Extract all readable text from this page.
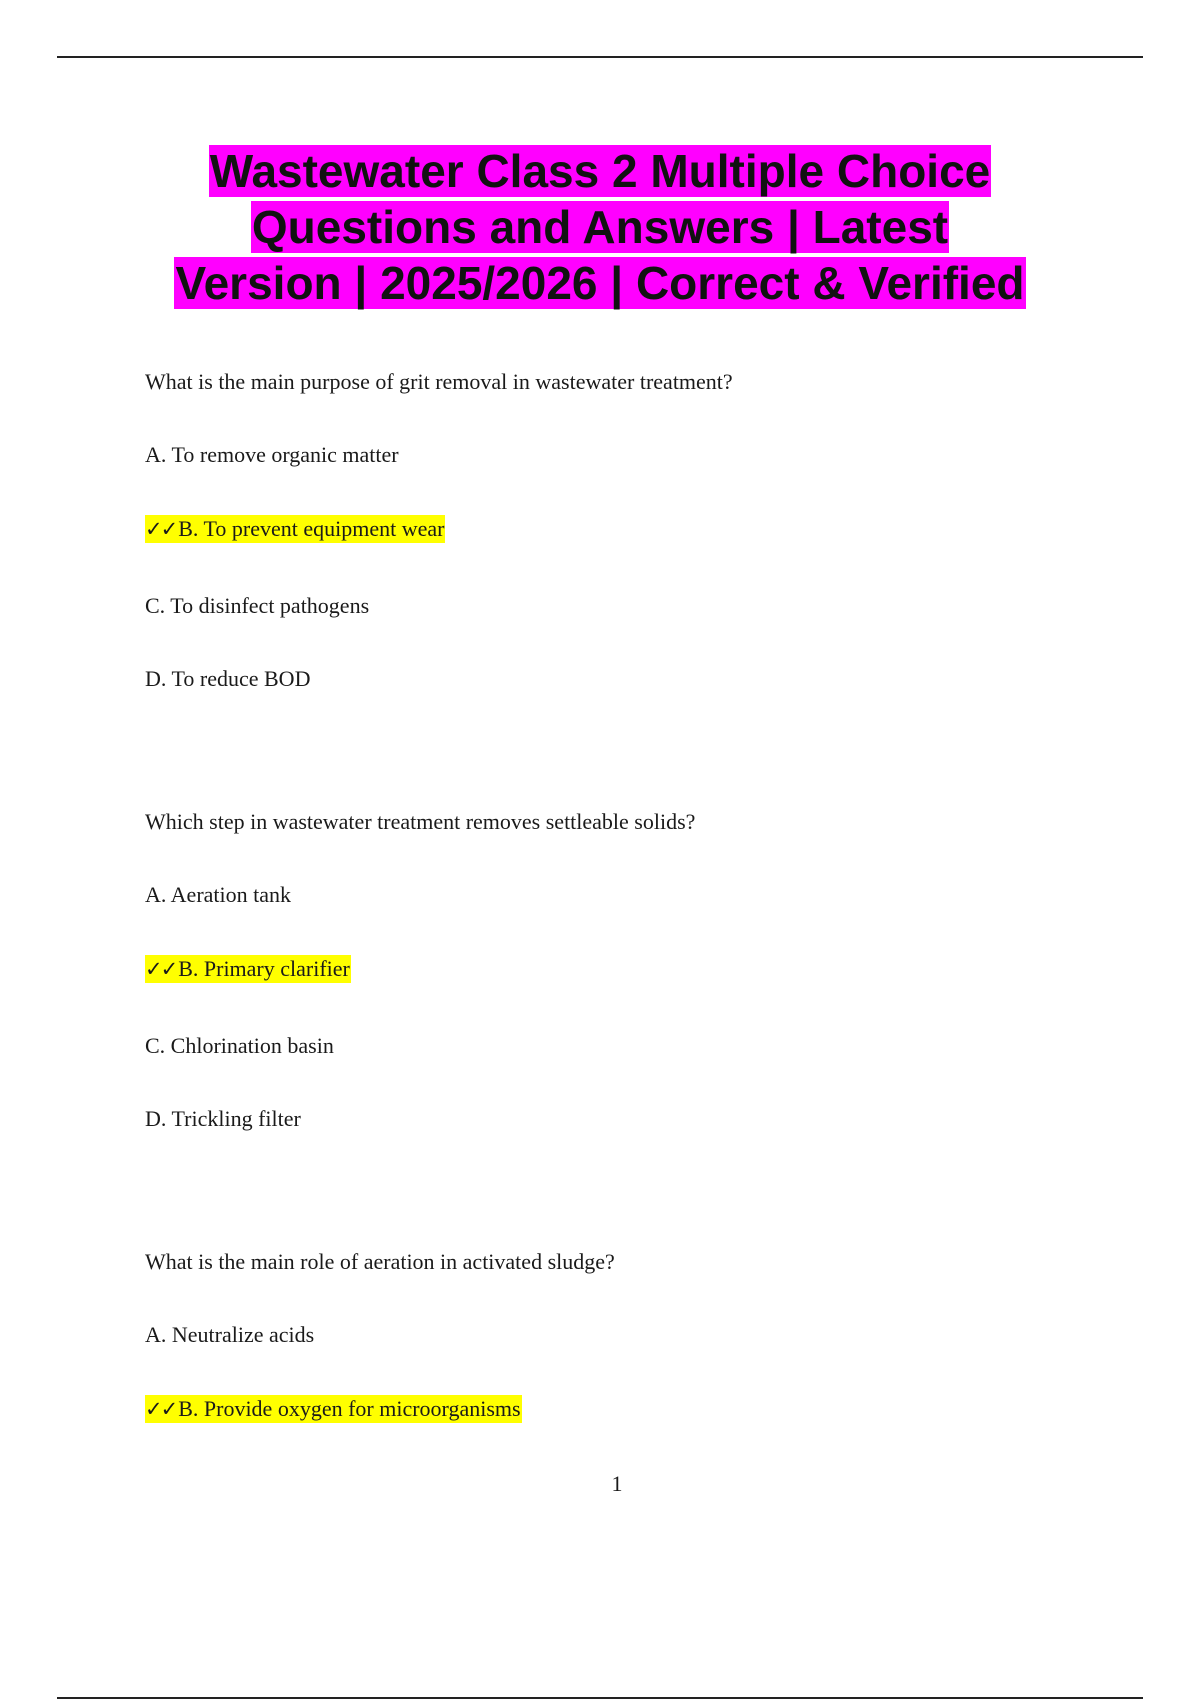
Wastewater Class 2 Multiple Choice
Questions and Answers | Latest
Version | 2025/2026 | Correct & Verified
What is the main purpose of grit removal in wastewater treatment?
A. To remove organic matter
✓✓B. To prevent equipment wear
C. To disinfect pathogens
D. To reduce BOD
Which step in wastewater treatment removes settleable solids?
A. Aeration tank
✓✓B. Primary clarifier
C. Chlorination basin
D. Trickling filter
What is the main role of aeration in activated sludge?
A. Neutralize acids
✓✓B. Provide oxygen for microorganisms
1
